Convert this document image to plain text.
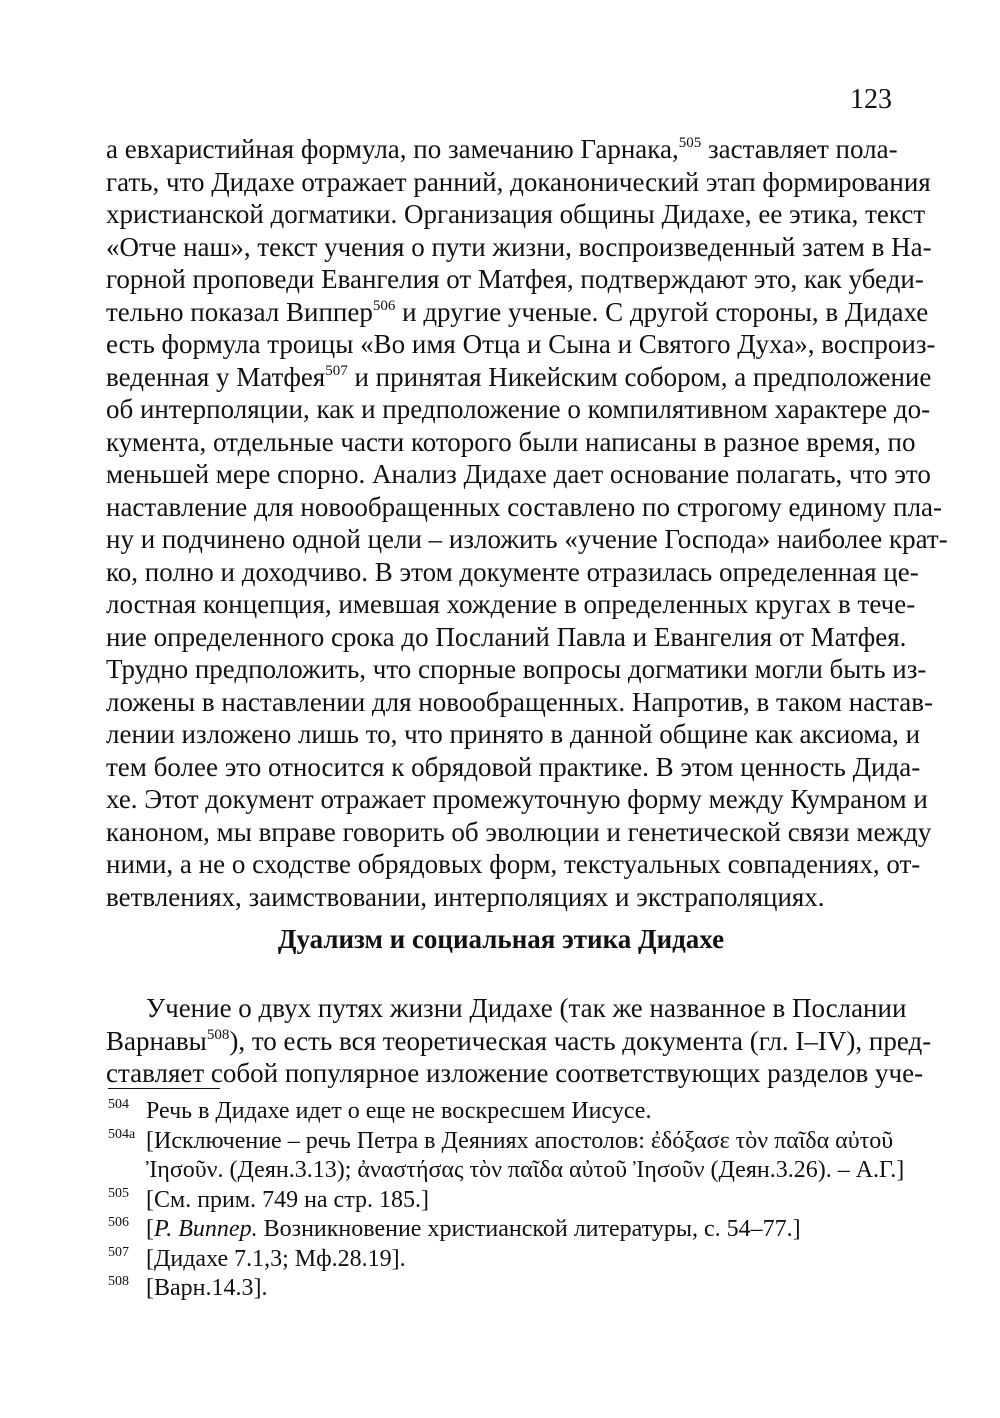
123
а евхаристийная формула, по замечанию Гарнака,$^{505}$ заставляет пола-
гать, что Дидахе отражает ранний, доканонический этап формирования
христианской догматики. Организация общины Дидахе, ее этика, текст
«Отче наш», текст учения о пути жизни, воспроизведенный затем в На-
горной проповеди Евангелия от Матфея, подтверждают это, как убеди-
тельно показал Виппер$^{506}$ и другие ученые. С другой стороны, в Дидахе
есть формула троицы «Во имя Отца и Сына и Святого Духа», воспроиз-
веденная у Матфея$^{507}$ и принятая Никейским собором, а предположение
об интерполяции, как и предположение о компилятивном характере до-
кумента, отдельные части которого были написаны в разное время, по
меньшей мере спорно. Анализ Дидахе дает основание полагать, что это
наставление для новообращенных составлено по строгому единому пла-
ну и подчинено одной цели – изложить «учение Господа» наиболее крат-
ко, полно и доходчиво. В этом документе отразилась определенная це-
лостная концепция, имевшая хождение в определенных кругах в тече-
ние определенного срока до Посланий Павла и Евангелия от Матфея.
Трудно предположить, что спорные вопросы догматики могли быть из-
ложены в наставлении для новообращенных. Напротив, в таком настав-
лении изложено лишь то, что принято в данной общине как аксиома, и
тем более это относится к обрядовой практике. В этом ценность Дида-
хе. Этот документ отражает промежуточную форму между Кумраном и
каноном, мы вправе говорить об эволюции и генетической связи между
ними, а не о сходстве обрядовых форм, текстуальных совпадениях, от-
ветвлениях, заимствовании, интерполяциях и экстраполяциях.
Дуализм и социальная этика Дидахе
Учение о двух путях жизни Дидахе (так же названное в Послании
Варнавы$^{508}$), то есть вся теоретическая часть документа (гл. I–IV), пред-
ставляет собой популярное изложение соответствующих разделов уче-
504 Речь в Дидахе идет о еще не воскресшем Иисусе.
504a [Исключение – речь Петра в Деяниях апостолов: ἐδόξασε τὸν παῖδα αὐτοῦ
Ἰησοῦν. (Деян.3.13); ἀναστήσας τὸν παῖδα αὐτοῦ Ἰησοῦν (Деян.3.26). – А.Г.]
505 [См. прим. 749 на стр. 185.]
506 [Р. Виппер. Возникновение христианской литературы, с. 54–77.]
507 [Дидахе 7.1,3; Мф.28.19].
508 [Варн.14.3].
